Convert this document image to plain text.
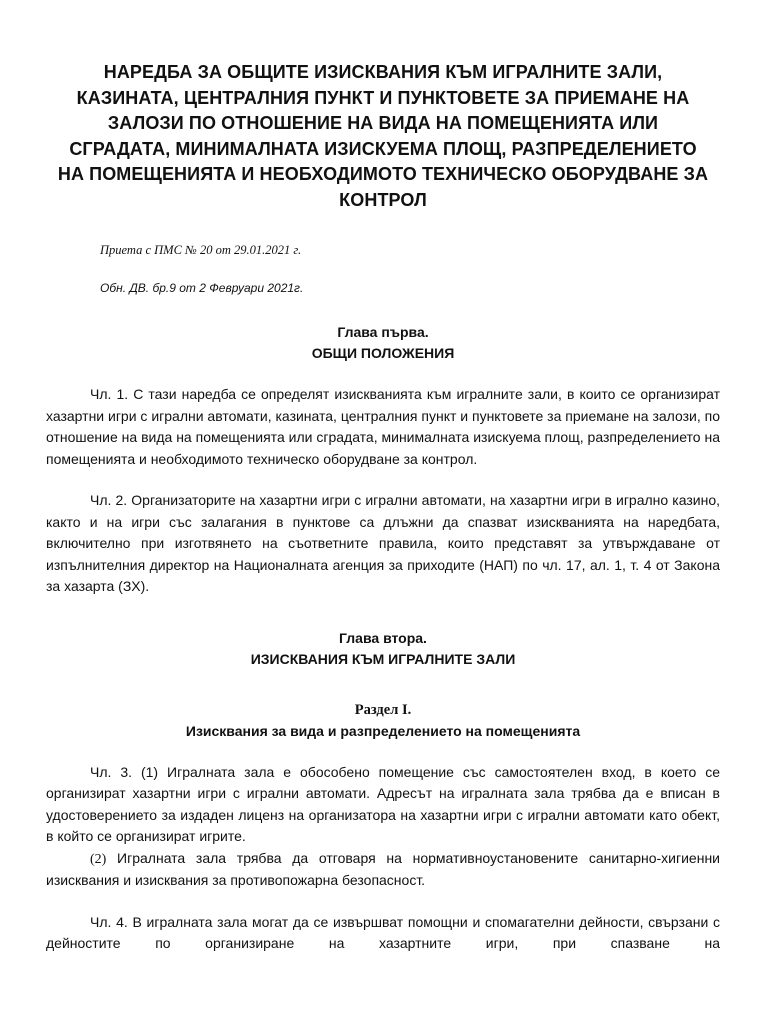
НАРЕДБА ЗА ОБЩИТЕ ИЗИСКВАНИЯ КЪМ ИГРАЛНИТЕ ЗАЛИ,
КАЗИНАТА, ЦЕНТРАЛНИЯ ПУНКТ И ПУНКТОВЕТЕ ЗА ПРИЕМАНЕ НА
ЗАЛОЗИ ПО ОТНОШЕНИЕ НА ВИДА НА ПОМЕЩЕНИЯТА ИЛИ
СГРАДАТА, МИНИМАЛНАТА ИЗИСКУЕМА ПЛОЩ, РАЗПРЕДЕЛЕНИЕТО
НА ПОМЕЩЕНИЯТА И НЕОБХОДИМОТО ТЕХНИЧЕСКО ОБОРУДВАНЕ ЗА
КОНТРОЛ

Приета с ПМС № 20 от 29.01.2021 г.

Обн. ДВ. бр.9 от 2 Февруари 2021г.

Глава първа.

ОБЩИ ПОЛОЖЕНИЯ

Чл. 1. С тази наредба се определят изискванията към игралните зали, в които се организират хазартни игри с игрални автомати, казината, централния пункт и пунктовете за приемане на залози, по отношение на вида на помещенията или сградата, минималната изискуема площ, разпределението на помещенията и необходимото техническо оборудване за контрол.

Чл. 2. Организаторите на хазартни игри с игрални автомати, на хазартни игри в игрално казино, както и на игри със залагания в пунктове са длъжни да спазват изискванията на наредбата, включително при изготвянето на съответните правила, които представят за утвърждаване от изпълнителния директор на Националната агенция за приходите (НАП) по чл. 17, ал. 1, т. 4 от Закона за хазарта (ЗХ).

Глава втора.

ИЗИСКВАНИЯ КЪМ ИГРАЛНИТЕ ЗАЛИ

Раздел I.

Изисквания за вида и разпределението на помещенията

Чл. 3. (1) Игралната зала е обособено помещение със самостоятелен вход, в което се организират хазартни игри с игрални автомати. Адресът на игралната зала трябва да е вписан в удостоверението за издаден лиценз на организатора на хазартни игри с игрални автомати като обект, в който се организират игрите.

(2) Игралната зала трябва да отговаря на нормативноустановените санитарно-хигиенни изисквания и изисквания за противопожарна безопасност.

Чл. 4. В игралната зала могат да се извършват помощни и спомагателни дейности, свързани с дейностите по организиране на хазартните игри, при спазване на
